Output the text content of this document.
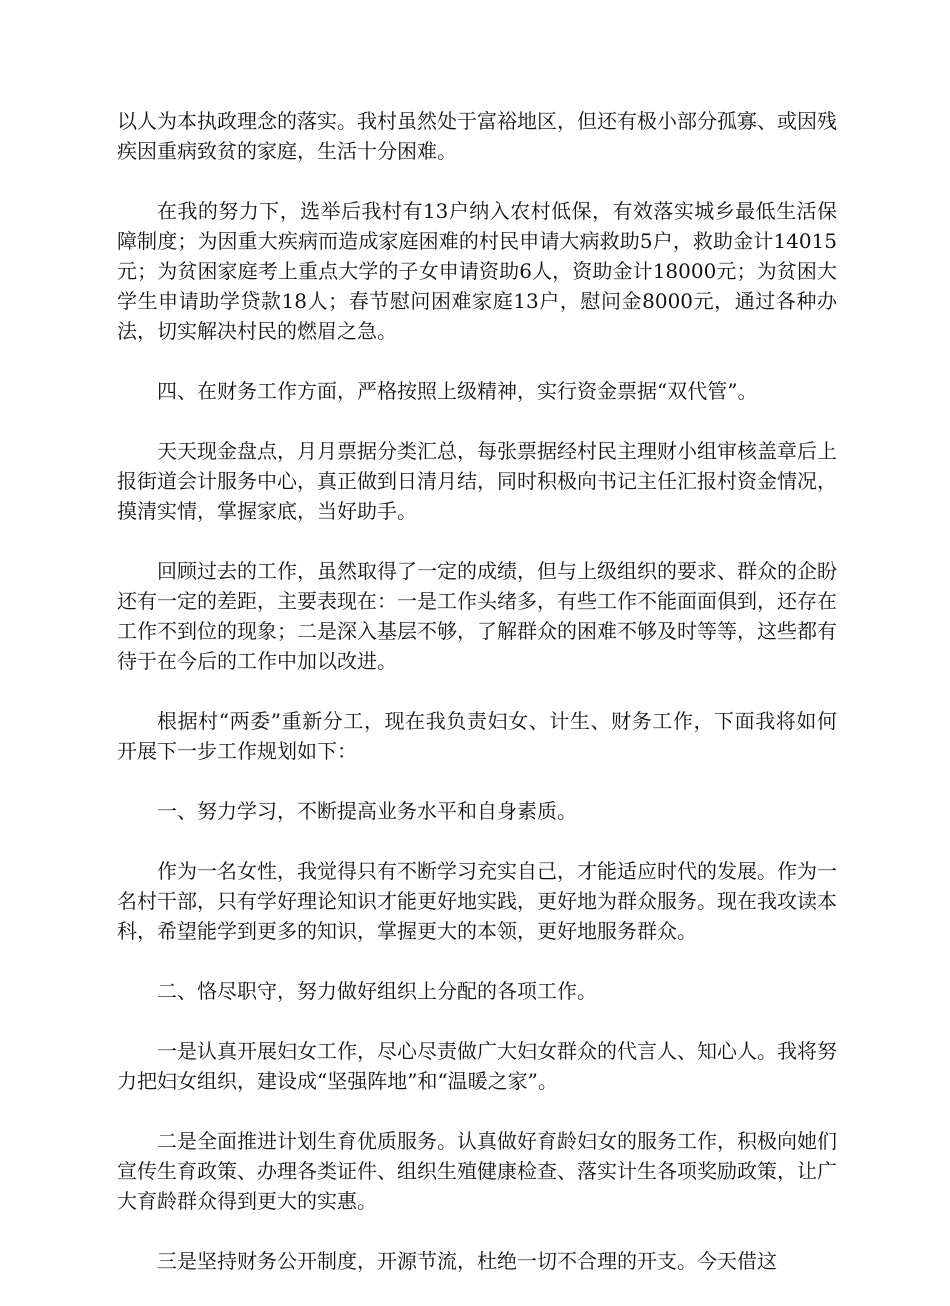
以人为本执政理念的落实。我村虽然处于富裕地区，但还有极小部分孤寡、或因残疾因重病致贫的家庭，生活十分困难。

在我的努力下，选举后我村有13户纳入农村低保，有效落实城乡最低生活保障制度；为因重大疾病而造成家庭困难的村民申请大病救助5户，救助金计14015元；为贫困家庭考上重点大学的子女申请资助6人，资助金计18000元；为贫困大学生申请助学贷款18人；春节慰问困难家庭13户，慰问金8000元，通过各种办法，切实解决村民的燃眉之急。

四、在财务工作方面，严格按照上级精神，实行资金票据“双代管”。

天天现金盘点，月月票据分类汇总，每张票据经村民主理财小组审核盖章后上报街道会计服务中心，真正做到日清月结，同时积极向书记主任汇报村资金情况，摸清实情，掌握家底，当好助手。

回顾过去的工作，虽然取得了一定的成绩，但与上级组织的要求、群众的企盼还有一定的差距，主要表现在：一是工作头绪多，有些工作不能面面俱到，还存在工作不到位的现象；二是深入基层不够，了解群众的困难不够及时等等，这些都有待于在今后的工作中加以改进。

根据村“两委”重新分工，现在我负责妇女、计生、财务工作，下面我将如何开展下一步工作规划如下：

一、努力学习，不断提高业务水平和自身素质。

作为一名女性，我觉得只有不断学习充实自己，才能适应时代的发展。作为一名村干部，只有学好理论知识才能更好地实践，更好地为群众服务。现在我攻读本科，希望能学到更多的知识，掌握更大的本领，更好地服务群众。

二、恪尽职守，努力做好组织上分配的各项工作。

一是认真开展妇女工作，尽心尽责做广大妇女群众的代言人、知心人。我将努力把妇女组织，建设成“坚强阵地”和“温暖之家”。

二是全面推进计划生育优质服务。认真做好育龄妇女的服务工作，积极向她们宣传生育政策、办理各类证件、组织生殖健康检查、落实计生各项奖励政策，让广大育龄群众得到更大的实惠。

三是坚持财务公开制度，开源节流，杜绝一切不合理的开支。今天借这
